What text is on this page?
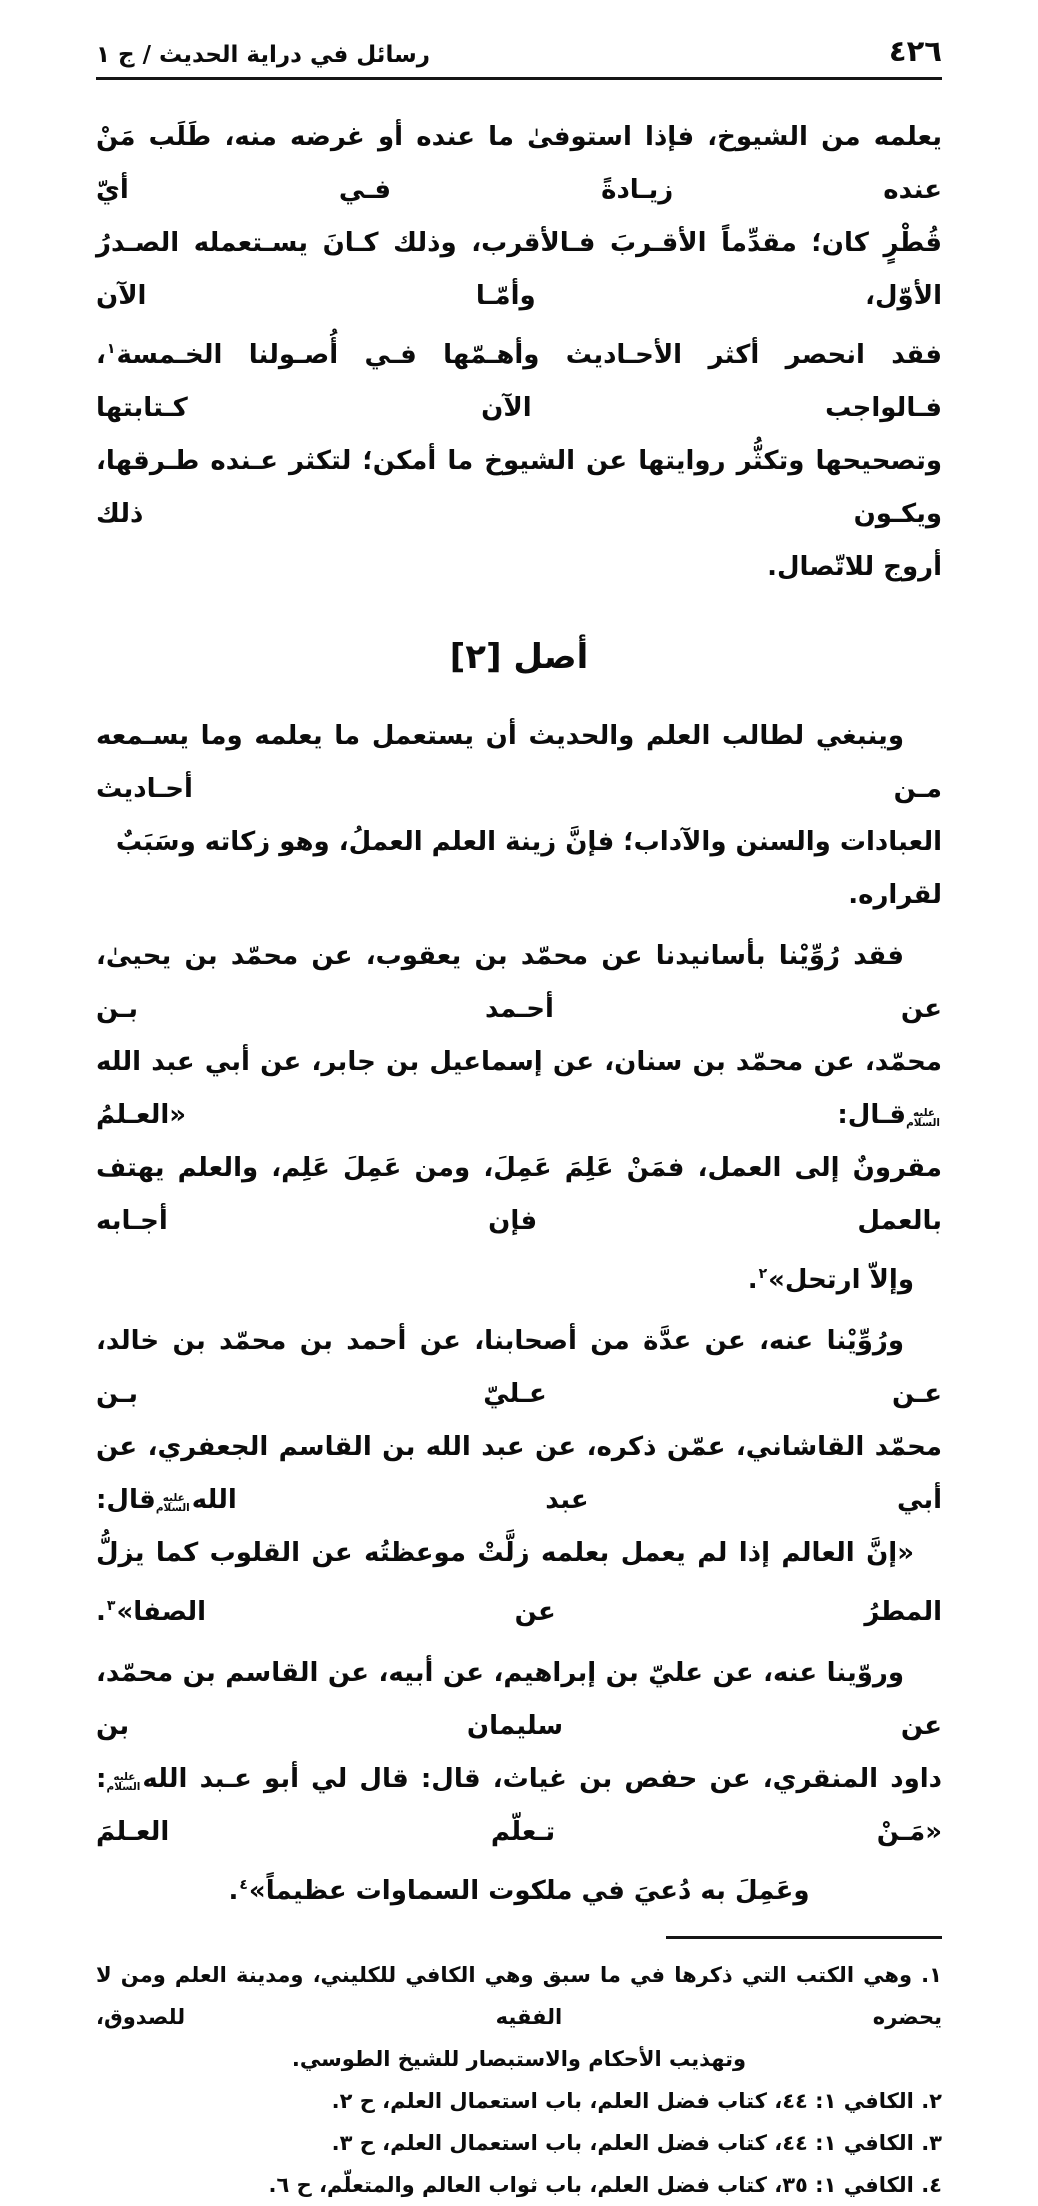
٤٢٦
رسائل في دراية الحديث / ج ١
يعلمه من الشيوخ، فإذا استوفىٰ ما عنده أو غرضه منه، طَلَب مَنْ عنده زيـادةً فـي أيّ
قُطْرٍ كان؛ مقدِّماً الأقـربَ فـالأقرب، وذلك كـانَ يسـتعمله الصـدرُ الأوّل، وأمّـا الآن
فقد انحصر أكثر الأحـاديث وأهـمّها فـي أُصـولنا الخـمسة$^١$، فـالواجب الآن كـتابتها
وتصحيحها وتكثُّر روايتها عن الشيوخ ما أمكن؛ لتكثر عـنده طـرقها، ويكـون ذلك
أروج للاتّصال.
أصل [٢]
وينبغي لطالب العلم والحديث أن يستعمل ما يعلمه وما يسـمعه مـن أحـاديث
العبادات والسنن والآداب؛ فإنَّ زينة العلم العملُ، وهو زكاته وسَبَبٌ لقراره.
فقد رُوِّيْنا بأسانيدنا عن محمّد بن يعقوب، عن محمّد بن يحيىٰ، عن أحـمد بـن
محمّد، عن محمّد بن سنان، عن إسماعيل بن جابر، عن أبي عبد اللهعليه السلامقـال: «العـلمُ
مقرونٌ إلى العمل، فمَنْ عَلِمَ عَمِلَ، ومن عَمِلَ عَلِم، والعلم يهتف بالعمل فإن أجـابه
وإلاّ ارتحل»$^٢$.
ورُوِّيْنا عنه، عن عدَّة من أصحابنا، عن أحمد بن محمّد بن خالد، عـن عـليّ بـن
محمّد القاشاني، عمّن ذكره، عن عبد الله بن القاسم الجعفري، عن أبي عبد اللهعليه السلامقال:
«إنَّ العالم إذا لم يعمل بعلمه زلَّتْ موعظتُه عن القلوب كما يزلُّ المطرُ عن الصفا»$^٣$.
وروّينا عنه، عن عليّ بن إبراهيم، عن أبيه، عن القاسم بن محمّد، عن سليمان بن
داود المنقري، عن حفص بن غياث، قال: قال لي أبو عـبد اللهعليه السلام: «مَـنْ تـعلّم العـلمَ
وعَمِلَ به دُعيَ في ملكوت السماوات عظيماً»$^٤$.
١. وهي الكتب التي ذكرها في ما سبق وهي الكافي للكليني، ومدينة العلم ومن لا يحضره الفقيه للصدوق،
وتهذيب الأحكام والاستبصار للشيخ الطوسي.
٢. الكافي ١: ٤٤، كتاب فضل العلم، باب استعمال العلم، ح ٢.
٣. الكافي ١: ٤٤، كتاب فضل العلم، باب استعمال العلم، ح ٣.
٤. الكافي ١: ٣٥، كتاب فضل العلم، باب ثواب العالم والمتعلّم، ح ٦.
